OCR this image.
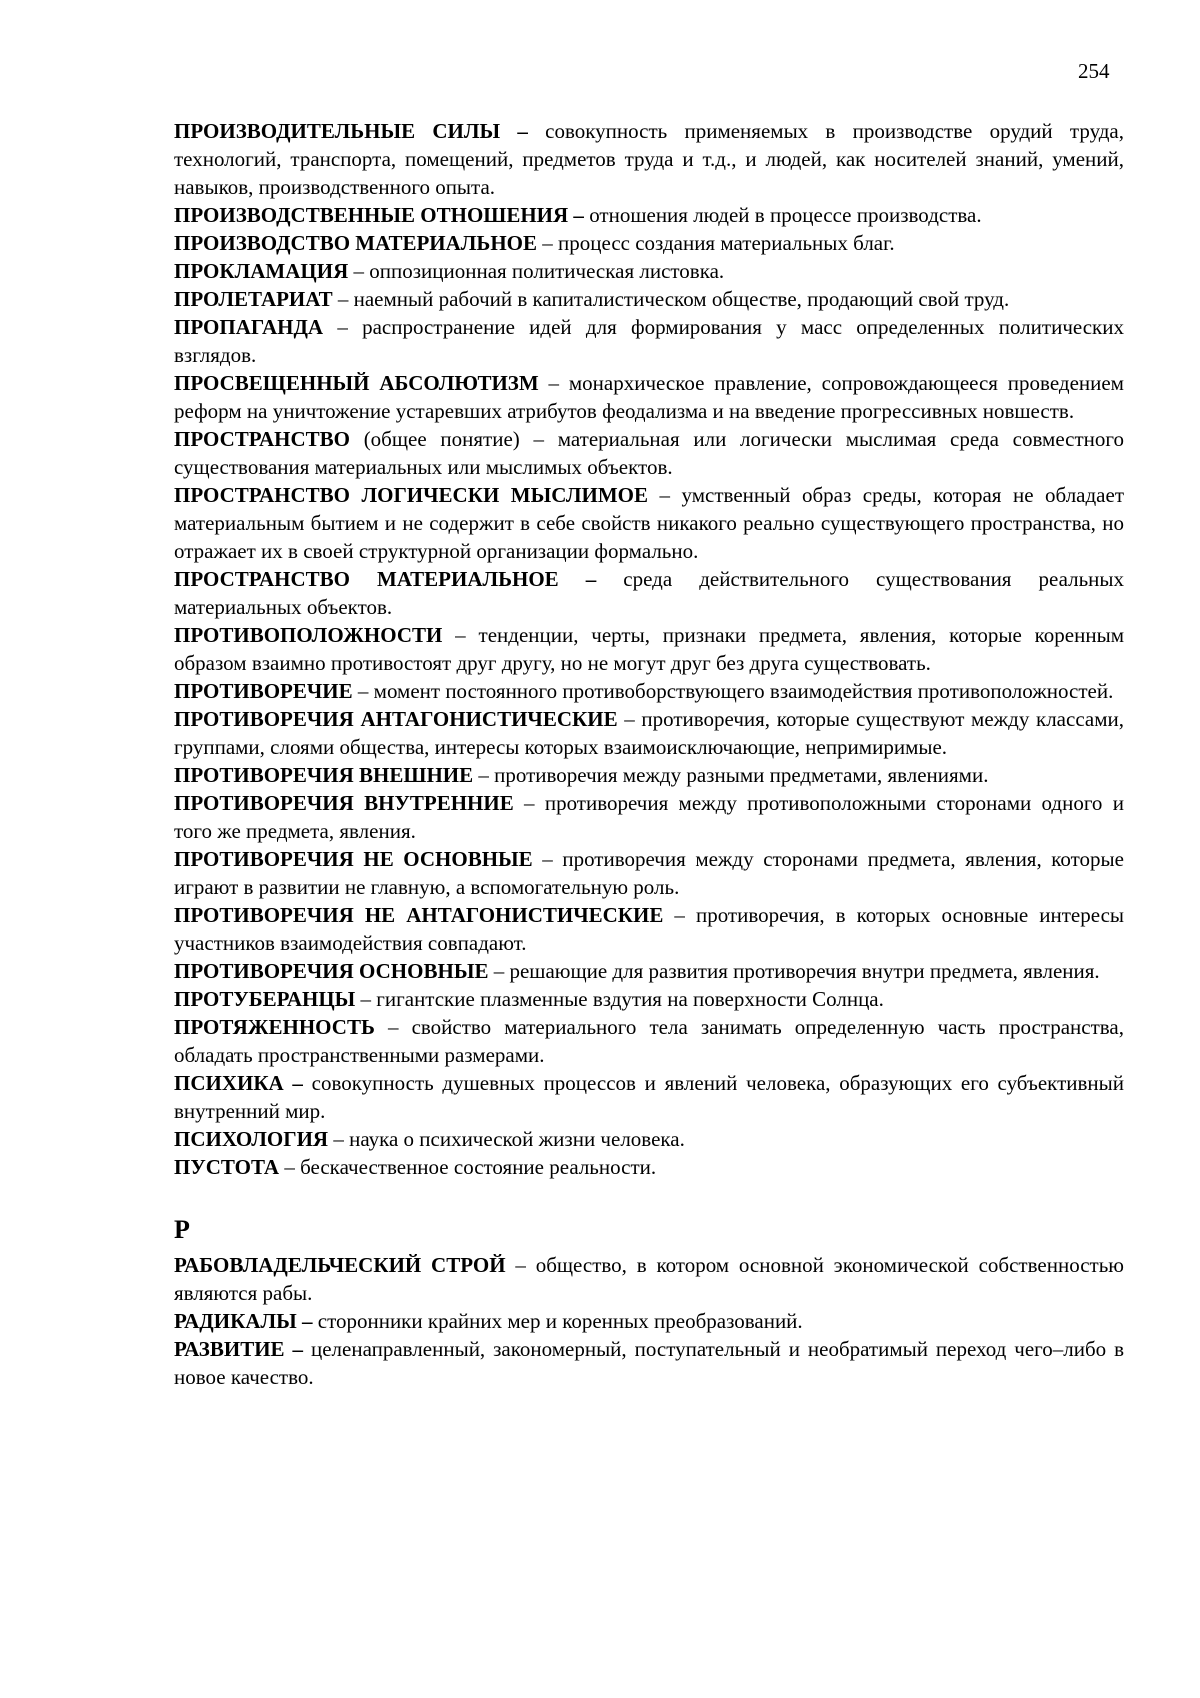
254

ПРОИЗВОДИТЕЛЬНЫЕ СИЛЫ – совокупность применяемых в производстве орудий труда, технологий, транспорта, помещений, предметов труда и т.д., и людей, как носителей знаний, умений, навыков, производственного опыта.

ПРОИЗВОДСТВЕННЫЕ ОТНОШЕНИЯ – отношения людей в процессе производства.

ПРОИЗВОДСТВО МАТЕРИАЛЬНОЕ – процесс создания материальных благ.

ПРОКЛАМАЦИЯ – оппозиционная политическая листовка.

ПРОЛЕТАРИАТ – наемный рабочий в капиталистическом обществе, продающий свой труд.

ПРОПАГАНДА – распространение идей для формирования у масс определенных политических взглядов.

ПРОСВЕЩЕННЫЙ АБСОЛЮТИЗМ – монархическое правление, сопровождающееся проведением реформ на уничтожение устаревших атрибутов феодализма и на введение прогрессивных новшеств.

ПРОСТРАНСТВО (общее понятие) – материальная или логически мыслимая среда совместного существования материальных или мыслимых объектов.

ПРОСТРАНСТВО ЛОГИЧЕСКИ МЫСЛИМОЕ – умственный образ среды, которая не обладает материальным бытием и не содержит в себе свойств никакого реально существующего пространства, но отражает их в своей структурной организации формально.

ПРОСТРАНСТВО МАТЕРИАЛЬНОЕ – среда действительного существования реальных материальных объектов.

ПРОТИВОПОЛОЖНОСТИ – тенденции, черты, признаки предмета, явления, которые коренным образом взаимно противостоят друг другу, но не могут друг без друга существовать.

ПРОТИВОРЕЧИЕ – момент постоянного противоборствующего взаимодействия противоположностей.

ПРОТИВОРЕЧИЯ АНТАГОНИСТИЧЕСКИЕ – противоречия, которые существуют между классами, группами, слоями общества, интересы которых взаимоисключающие, непримиримые.

ПРОТИВОРЕЧИЯ ВНЕШНИЕ – противоречия между разными предметами, явлениями.

ПРОТИВОРЕЧИЯ ВНУТРЕННИЕ – противоречия между противоположными сторонами одного и того же предмета, явления.

ПРОТИВОРЕЧИЯ НЕ ОСНОВНЫЕ – противоречия между сторонами предмета, явления, которые играют в развитии не главную, а вспомогательную роль.

ПРОТИВОРЕЧИЯ НЕ АНТАГОНИСТИЧЕСКИЕ – противоречия, в которых основные интересы участников взаимодействия совпадают.

ПРОТИВОРЕЧИЯ ОСНОВНЫЕ – решающие для развития противоречия внутри предмета, явления.

ПРОТУБЕРАНЦЫ – гигантские плазменные вздутия на поверхности Солнца.

ПРОТЯЖЕННОСТЬ – свойство материального тела занимать определенную часть пространства, обладать пространственными размерами.

ПСИХИКА – совокупность душевных процессов и явлений человека, образующих его субъективный внутренний мир.

ПСИХОЛОГИЯ – наука о психической жизни человека.

ПУСТОТА – бескачественное состояние реальности.

Р

РАБОВЛАДЕЛЬЧЕСКИЙ СТРОЙ – общество, в котором основной экономической собственностью являются рабы.

РАДИКАЛЫ – сторонники крайних мер и коренных преобразований.

РАЗВИТИЕ – целенаправленный, закономерный, поступательный и необратимый переход чего–либо в новое качество.
